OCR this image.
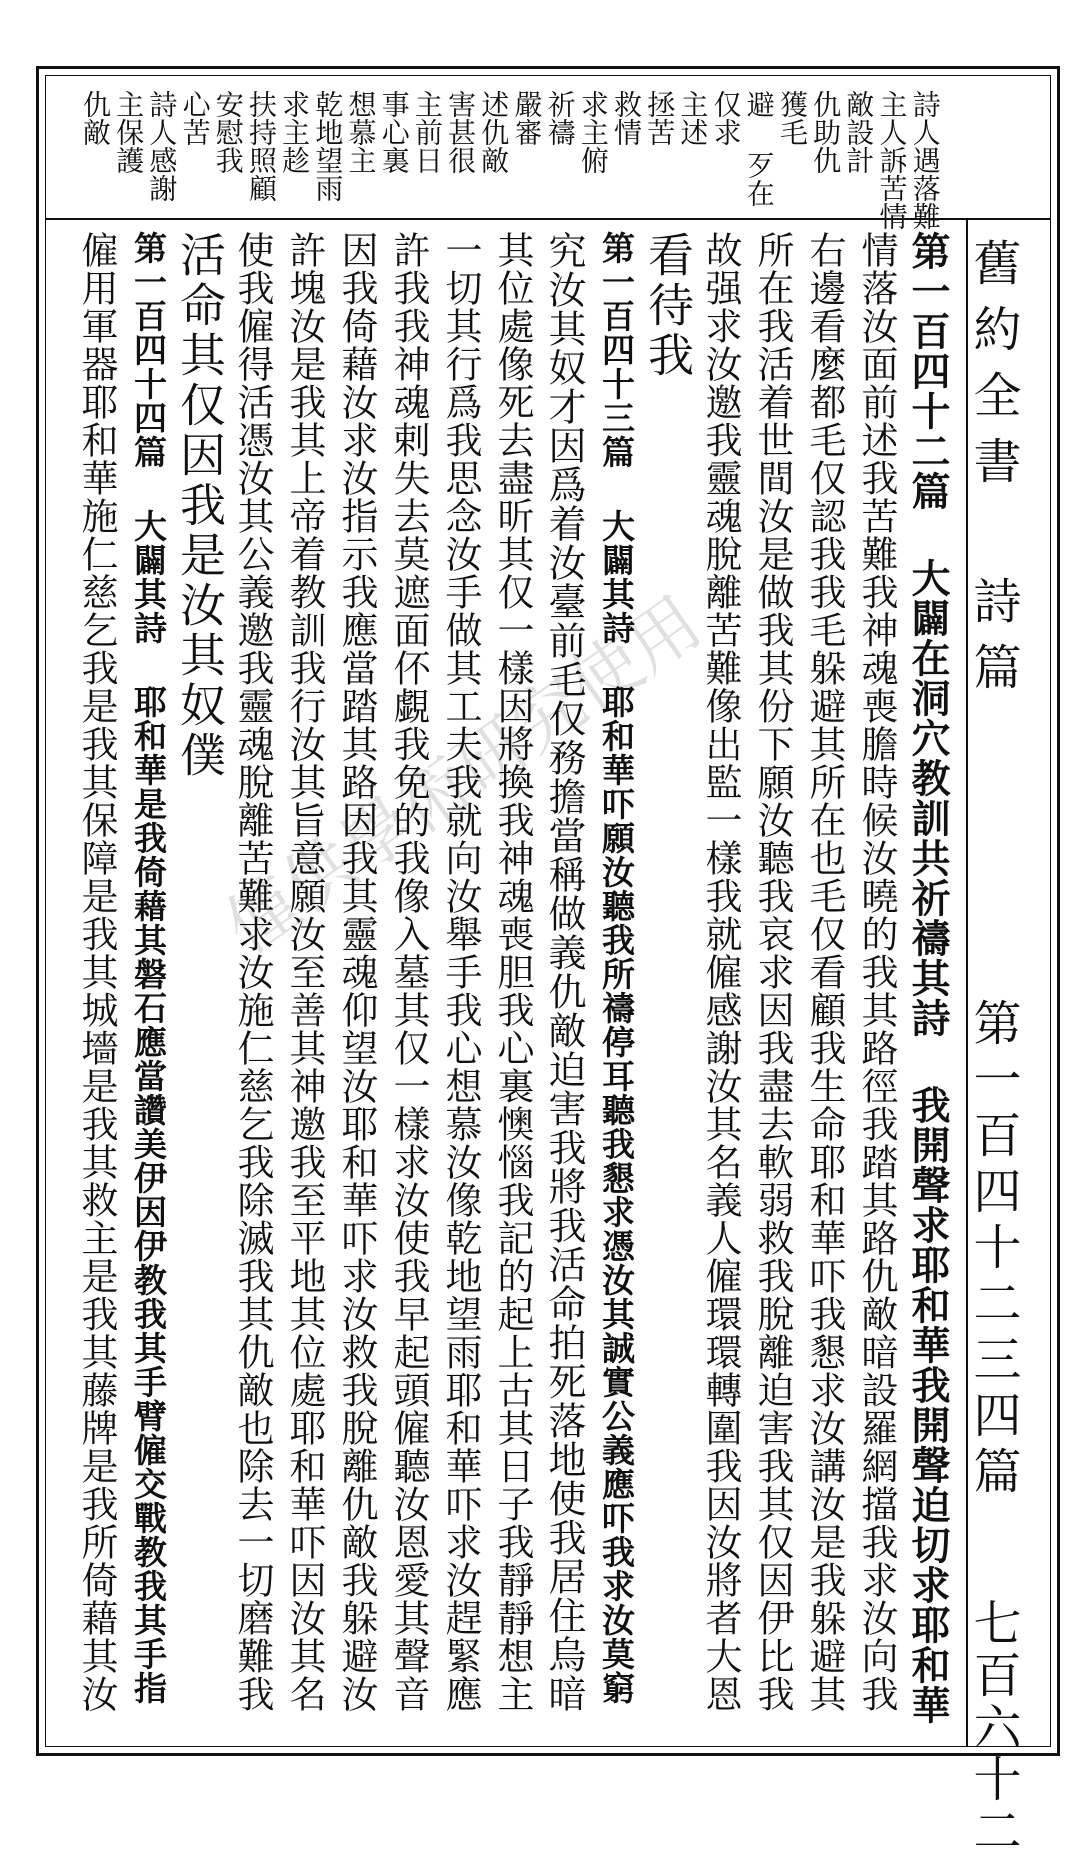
詩人遇落難
主人訴苦情
敵設計
仇助仇
獲毛
避 歹在
仅求
主述
拯苦
救情
求主俯
祈禱
嚴審
述仇敵
害甚很
主前日
事心裏
想慕主
乾地望雨
求主趁
扶持照顧
安慰我
心苦
詩人感謝
主保護
仇敵
舊約全書 詩篇
第一百四十二三四篇
七百六十二
第一百四十二篇 大闢在洞穴教訓共祈禱其詩 我開聲求耶和華我開聲迫切求耶和華
情落汝面前述我苦難我神魂喪膽時候汝曉的我其路徑我踏其路仇敵暗設羅網擋我求汝向我
右邊看麼都毛仅認我我毛躲避其所在也毛仅看顧我生命耶和華吓我懇求汝講汝是我躲避其
所在我活着世間汝是做我其份下願汝聽我哀求因我盡去軟弱救我脫離迫害我其仅因伊比我
故强求汝邀我靈魂脫離苦難像出監一樣我就僱感謝汝其名義人僱環環轉圍我因汝將者大恩
看待我
第一百四十三篇 大闢其詩 耶和華吓願汝聽我所禱停耳聽我懇求憑汝其誠實公義應吓我求汝莫窮
究汝其奴才因爲着汝臺前毛仅務擔當稱做義仇敵迫害我將我活命拍死落地使我居住烏暗
其位處像死去盡昕其仅一樣因將換我神魂喪胆我心裏懊惱我記的起上古其日子我靜靜想主
一切其行爲我思念汝手做其工夫我就向汝舉手我心想慕汝像乾地望雨耶和華吓求汝趕緊應
許我我神魂剌失去莫遮面伓覷我免的我像入墓其仅一樣求汝使我早起頭僱聽汝恩愛其聲音
因我倚藉汝求汝指示我應當踏其路因我其靈魂仰望汝耶和華吓求汝救我脫離仇敵我躲避汝
許塊汝是我其上帝着教訓我行汝其旨意願汝至善其神邀我至平地其位處耶和華吓因汝其名
使我僱得活憑汝其公義邀我靈魂脫離苦難求汝施仁慈乞我除滅我其仇敵也除去一切磨難我
活命其仅因我是汝其奴僕
第一百四十四篇 大闢其詩 耶和華是我倚藉其磐石應當讚美伊因伊教我其手臂僱交戰教我其手指
僱用軍器耶和華施仁慈乞我是我其保障是我其城墻是我其救主是我其藤牌是我所倚藉其汝 僅供學術研究使用
